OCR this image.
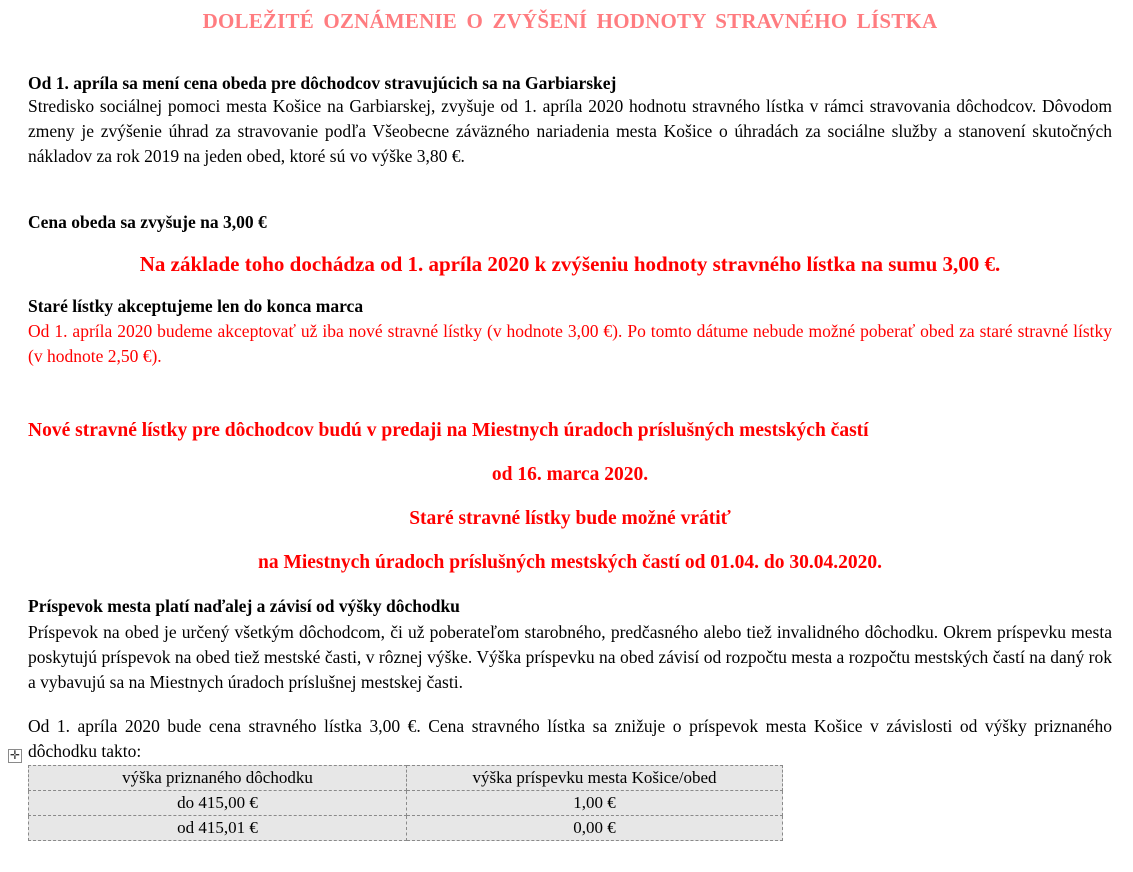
DOLEŽITÉ OZNÁMENIE O ZVÝŠENÍ HODNOTY STRAVNÉHO LÍSTKA
Od 1. apríla sa mení cena obeda pre dôchodcov stravujúcich sa na Garbiarskej
Stredisko sociálnej pomoci mesta Košice na Garbiarskej, zvyšuje od 1. apríla 2020 hodnotu stravného lístka v rámci stravovania dôchodcov. Dôvodom zmeny je zvýšenie úhrad za stravovanie podľa Všeobecne záväzného nariadenia mesta Košice o úhradách za sociálne služby a stanovení skutočných nákladov za rok 2019 na jeden obed, ktoré sú vo výške 3,80 €.
Cena obeda sa zvyšuje na 3,00 €
Na základe toho dochádza od 1. apríla 2020 k zvýšeniu hodnoty stravného lístka na sumu 3,00 €.
Staré lístky akceptujeme len do konca marca
Od 1. apríla 2020 budeme akceptovať už iba nové stravné lístky (v hodnote 3,00 €). Po tomto dátume nebude možné poberať obed za staré stravné lístky (v hodnote 2,50 €).
Nové stravné lístky pre dôchodcov budú v predaji na Miestnych úradoch príslušných mestských častí
od 16. marca 2020.
Staré stravné lístky bude možné vrátiť
na Miestnych úradoch príslušných mestských častí od 01.04. do 30.04.2020.
Príspevok mesta platí naďalej a závisí od výšky dôchodku
Príspevok na obed je určený všetkým dôchodcom, či už poberateľom starobného, predčasného alebo tiež invalidného dôchodku. Okrem príspevku mesta poskytujú príspevok na obed tiež mestské časti, v rôznej výške. Výška príspevku na obed závisí od rozpočtu mesta a rozpočtu mestských častí na daný rok a vybavujú sa na Miestnych úradoch príslušnej mestskej časti.
Od 1. apríla 2020 bude cena stravného lístka 3,00 €. Cena stravného lístka sa znižuje o príspevok mesta Košice v závislosti od výšky priznaného dôchodku takto:
✛
výška priznaného dôchodku	výška príspevku mesta Košice/obed
do 415,00 €	1,00 €
od 415,01 €	0,00 €
